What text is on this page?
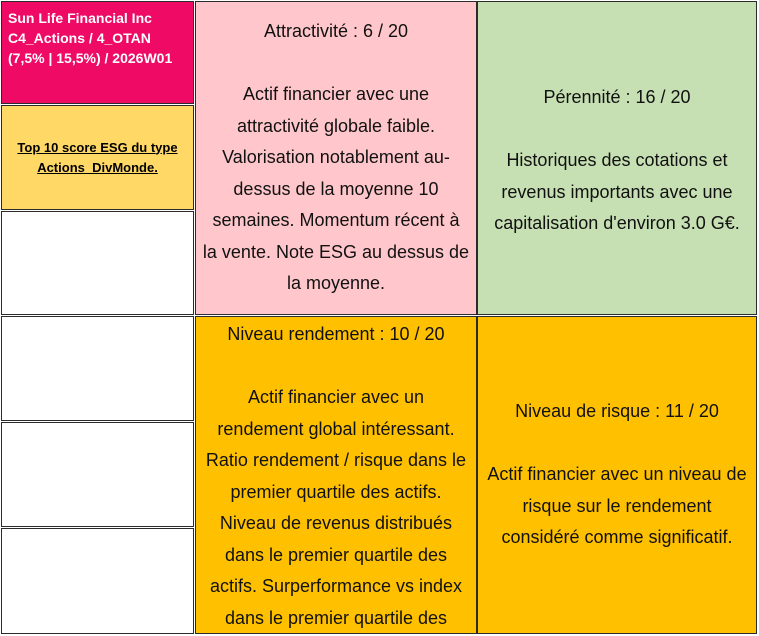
Sun Life Financial Inc
C4_Actions / 4_OTAN
(7,5% | 15,5%) / 2026W01
Top 10 score ESG du type
Actions_DivMonde.
Attractivité : 6 / 20
Actif financier avec une
attractivité globale faible.
Valorisation notablement au-
dessus de la moyenne 10
semaines. Momentum récent à
la vente. Note ESG au dessus de
la moyenne.
Pérennité : 16 / 20
Historiques des cotations et
revenus importants avec une
capitalisation d'environ 3.0 G€.
Niveau rendement : 10 / 20
Actif financier avec un
rendement global intéressant.
Ratio rendement / risque dans le
premier quartile des actifs.
Niveau de revenus distribués
dans le premier quartile des
actifs. Surperformance vs index
dans le premier quartile des
Niveau de risque : 11 / 20
Actif financier avec un niveau de
risque sur le rendement
considéré comme significatif.
